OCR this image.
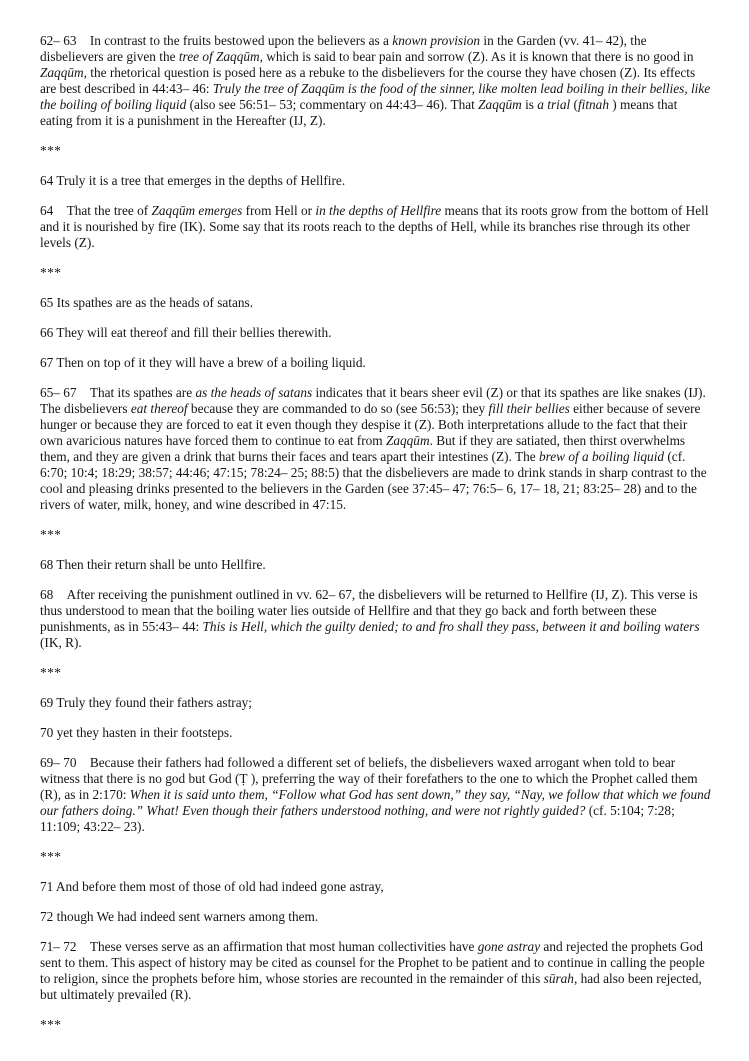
62– 63 In contrast to the fruits bestowed upon the believers as a known provision in the Garden (vv. 41– 42), the disbelievers are given the tree of Zaqqūm, which is said to bear pain and sorrow (Z). As it is known that there is no good in Zaqqūm, the rhetorical question is posed here as a rebuke to the disbelievers for the course they have chosen (Z). Its effects are best described in 44:43– 46: Truly the tree of Zaqqūm is the food of the sinner, like molten lead boiling in their bellies, like the boiling of boiling liquid (also see 56:51– 53; commentary on 44:43– 46). That Zaqqūm is a trial (fitnah ) means that eating from it is a punishment in the Hereafter (IJ, Z).

***

64 Truly it is a tree that emerges in the depths of Hellfire.

64 That the tree of Zaqqūm emerges from Hell or in the depths of Hellfire means that its roots grow from the bottom of Hell and it is nourished by fire (IK). Some say that its roots reach to the depths of Hell, while its branches rise through its other levels (Z).

***

65 Its spathes are as the heads of satans.

66 They will eat thereof and fill their bellies therewith.

67 Then on top of it they will have a brew of a boiling liquid.

65– 67 That its spathes are as the heads of satans indicates that it bears sheer evil (Z) or that its spathes are like snakes (IJ). The disbelievers eat thereof because they are commanded to do so (see 56:53); they fill their bellies either because of severe hunger or because they are forced to eat it even though they despise it (Z). Both interpretations allude to the fact that their own avaricious natures have forced them to continue to eat from Zaqqūm. But if they are satiated, then thirst overwhelms them, and they are given a drink that burns their faces and tears apart their intestines (Z). The brew of a boiling liquid (cf. 6:70; 10:4; 18:29; 38:57; 44:46; 47:15; 78:24– 25; 88:5) that the disbelievers are made to drink stands in sharp contrast to the cool and pleasing drinks presented to the believers in the Garden (see 37:45– 47; 76:5– 6, 17– 18, 21; 83:25– 28) and to the rivers of water, milk, honey, and wine described in 47:15.

***

68 Then their return shall be unto Hellfire.

68 After receiving the punishment outlined in vv. 62– 67, the disbelievers will be returned to Hellfire (IJ, Z). This verse is thus understood to mean that the boiling water lies outside of Hellfire and that they go back and forth between these punishments, as in 55:43– 44: This is Hell, which the guilty denied; to and fro shall they pass, between it and boiling waters (IK, R).

***

69 Truly they found their fathers astray;

70 yet they hasten in their footsteps.

69– 70 Because their fathers had followed a different set of beliefs, the disbelievers waxed arrogant when told to bear witness that there is no god but God (Ṭ ), preferring the way of their forefathers to the one to which the Prophet called them (R), as in 2:170: When it is said unto them, “Follow what God has sent down,” they say, “Nay, we follow that which we found our fathers doing.” What! Even though their fathers understood nothing, and were not rightly guided? (cf. 5:104; 7:28; 11:109; 43:22– 23).

***

71 And before them most of those of old had indeed gone astray,

72 though We had indeed sent warners among them.

71– 72 These verses serve as an affirmation that most human collectivities have gone astray and rejected the prophets God sent to them. This aspect of history may be cited as counsel for the Prophet to be patient and to continue in calling the people to religion, since the prophets before him, whose stories are recounted in the remainder of this sūrah, had also been rejected, but ultimately prevailed (R).

***
